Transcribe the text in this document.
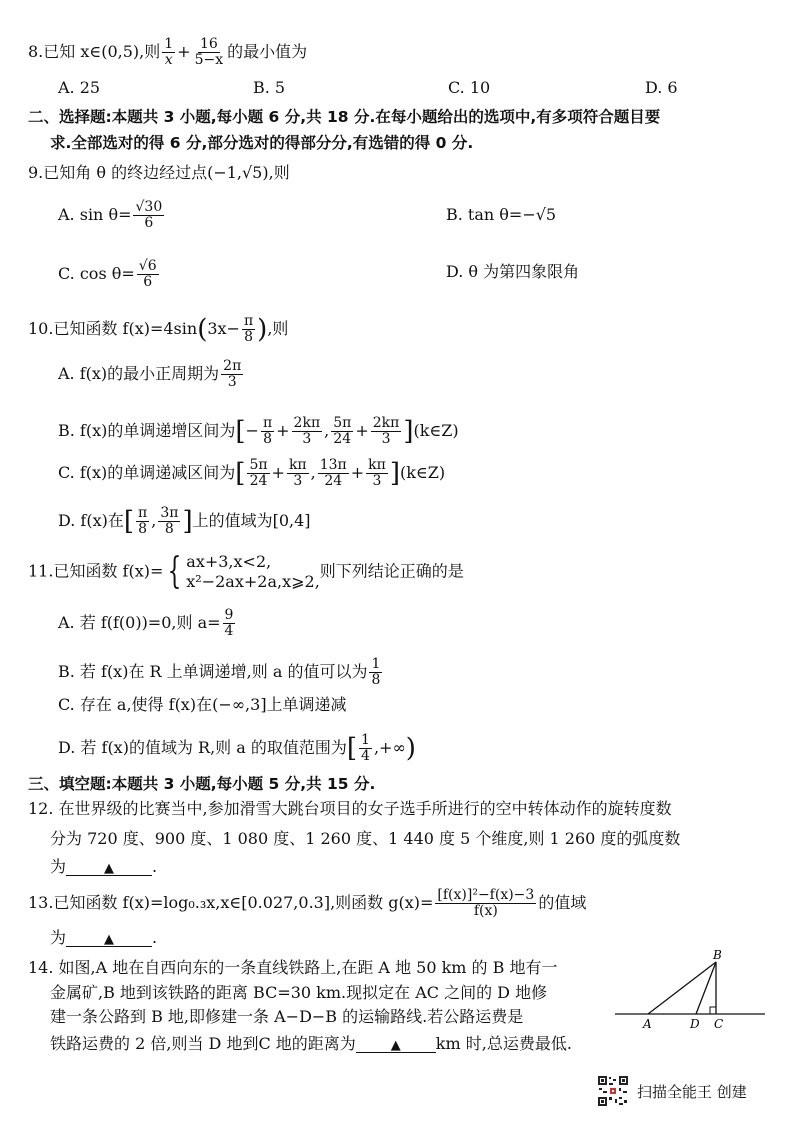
8.已知 x∈(0,5),则 $\frac{1}{x} + \frac{16}{5-x}$ 的最小值为
A. 25	B. 5	C. 10	D. 6
二、选择题:本题共 3 小题,每小题 6 分,共 18 分.在每小题给出的选项中,有多项符合题目要
求.全部选对的得 6 分,部分选对的得部分分,有选错的得 0 分.
9.已知角 θ 的终边经过点(−1,√5),则
A. $\sin \theta= \frac{√30}{6}$	B. tan θ=−√5
C. $\cos \theta= \frac{√6}{6}$	D. θ 为第四象限角
10.已知函数 $f(x)=4\sin(3x- \frac{\pi}{8}$ ),则
A. f(x)的最小正周期为 $\frac{2\pi}{3}$
B. f(x)的单调递增区间为[− $\frac{\pi}{8} + \frac{2k\pi}{3}$ , $\frac{5\pi}{24} + \frac{2k\pi}{3}$ ](k∈Z)
C. f(x)的单调递减区间为[ $\frac{5\pi}{24} + \frac{k\pi}{3}$ , $\frac{13\pi}{24} + \frac{k\pi}{3}$ ](k∈Z)
D. f(x)在[ $\frac{\pi}{8}$ , $\frac{3\pi}{8}$ ]上的值域为[0,4]
11.已知函数 f(x)= { ax+3,x<2,
x²−2ax+2a,x⩾2,
则下列结论正确的是
A. 若 f(f(0))=0,则 $a= \frac{9}{4}$
B. 若 f(x)在 R 上单调递增,则 a 的值可以为 $\frac{1}{8}$
C. 存在 a,使得 f(x)在(−∞,3]上单调递减
D. 若 f(x)的值域为 R,则 a 的取值范围为[ $\frac{1}{4}$ ,+∞)
三、填空题:本题共 3 小题,每小题 5 分,共 15 分.
12. 在世界级的比赛当中,参加滑雪大跳台项目的女子选手所进行的空中转体动作的旋转度数
分为 720 度、900 度、1 080 度、1 260 度、1 440 度 5 个维度,则 1 260 度的弧度数
为	▲ .
13.已知函数 f(x)=log₀.₃x,x∈[0.027,0.3],则函数 $g(x)= \frac{\text{[f(x)]²−f(x)−3}}{f(x)}$ 的值域
为	▲ .
14. 如图,A 地在自西向东的一条直线铁路上,在距 A 地 50 km 的 B 地有一
金属矿,B 地到该铁路的距离 BC=30 km.现拟定在 AC 之间的 D 地修
建一条公路到 B 地,即修建一条 A−D−B 的运输路线.若公路运费是
铁路运费的 2 倍,则当 D 地到C 地的距离为	▲ km 时,总运费最低.
B
A	D C
扫描全能王 创建
